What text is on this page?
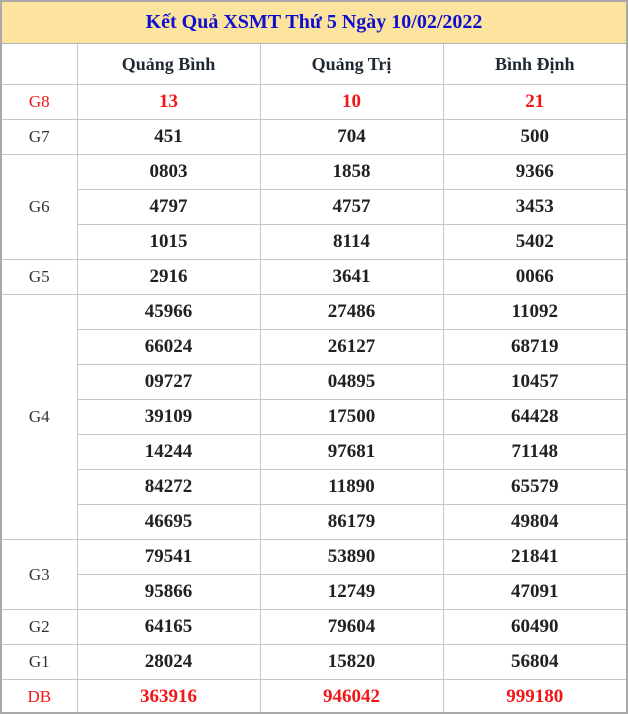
Kết Quả XSMT Thứ 5 Ngày 10/02/2022
	Quảng Bình	Quảng Trị	Bình Định
G8	13	10	21
G7	451	704	500
G6	0803	1858	9366
	4797	4757	3453
	1015	8114	5402
G5	2916	3641	0066
G4	45966	27486	11092
	66024	26127	68719
	09727	04895	10457
	39109	17500	64428
	14244	97681	71148
	84272	11890	65579
	46695	86179	49804
G3	79541	53890	21841
	95866	12749	47091
G2	64165	79604	60490
G1	28024	15820	56804
DB	363916	946042	999180
